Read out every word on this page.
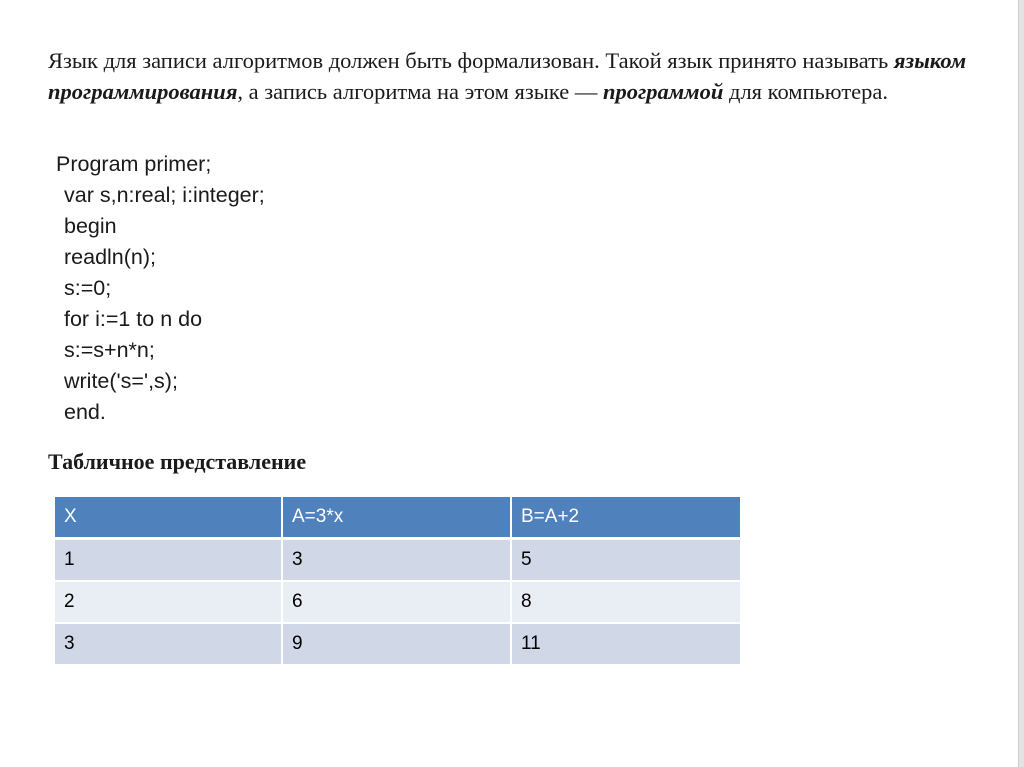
Язык для записи алгоритмов должен быть формализован. Такой язык принято называть языком программирования, а запись алгоритма на этом языке — программой для компьютера.

Program primer;
var s,n:real; i:integer;
begin
readln(n);
s:=0;
for i:=1 to n do
s:=s+n*n;
write('s=',s);
end.
Табличное представление
X	A=3*x	B=A+2
1	3	5
2	6	8
3	9	11
